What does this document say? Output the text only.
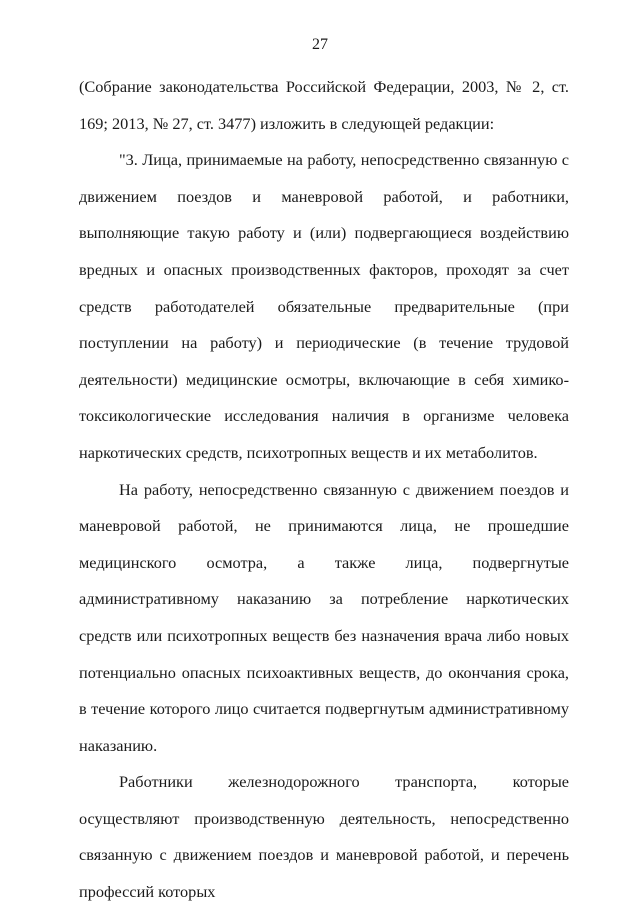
27

(Собрание законодательства Российской Федерации, 2003, № 2, ст. 169; 2013, № 27, ст. 3477) изложить в следующей редакции:

"3. Лица, принимаемые на работу, непосредственно связанную с движением поездов и маневровой работой, и работники, выполняющие такую работу и (или) подвергающиеся воздействию вредных и опасных производственных факторов, проходят за счет средств работодателей обязательные предварительные (при поступлении на работу) и периодические (в течение трудовой деятельности) медицинские осмотры, включающие в себя химико-токсикологические исследования наличия в организме человека наркотических средств, психотропных веществ и их метаболитов.

На работу, непосредственно связанную с движением поездов и маневровой работой, не принимаются лица, не прошедшие медицинского осмотра, а также лица, подвергнутые административному наказанию за потребление наркотических средств или психотропных веществ без назначения врача либо новых потенциально опасных психоактивных веществ, до окончания срока, в течение которого лицо считается подвергнутым административному наказанию.

Работники железнодорожного транспорта, которые осуществляют производственную деятельность, непосредственно связанную с движением поездов и маневровой работой, и перечень профессий которых
